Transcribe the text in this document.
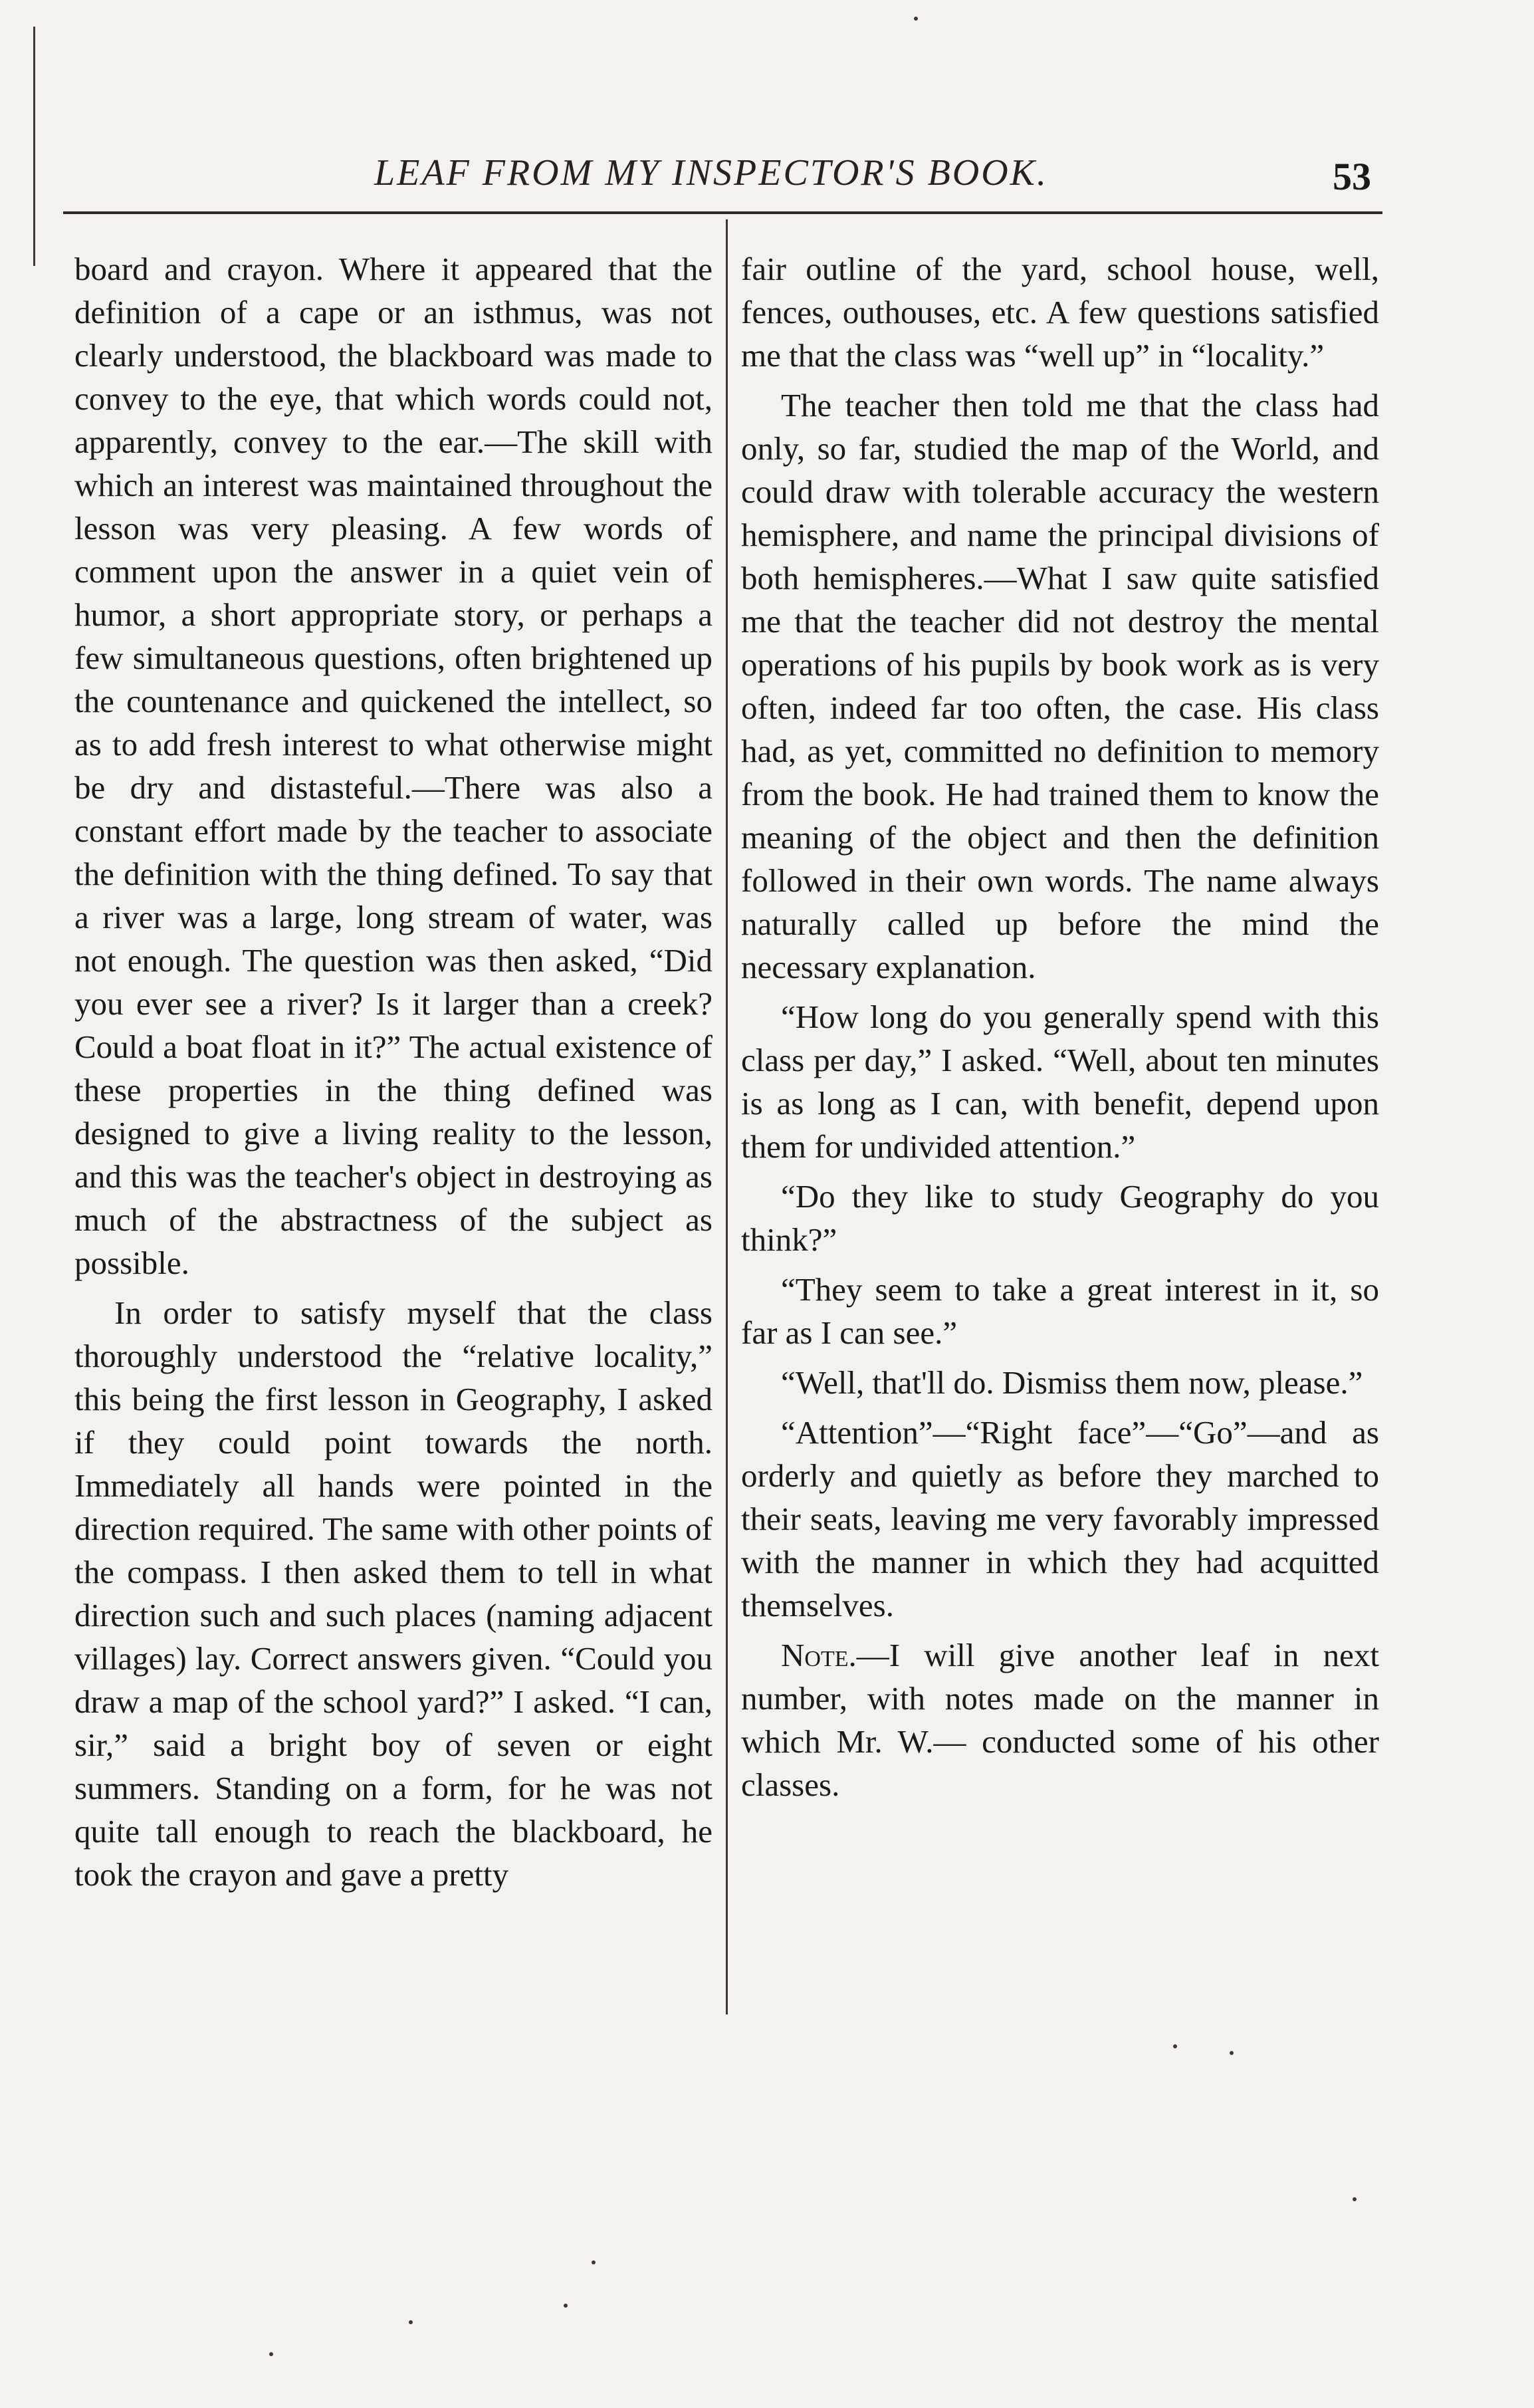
LEAF FROM MY INSPECTOR'S BOOK.	53

board and crayon. Where it appeared that the definition of a cape or an isthmus, was not clearly understood, the blackboard was made to convey to the eye, that which words could not, apparently, convey to the ear.—The skill with which an interest was maintained throughout the lesson was very pleasing. A few words of comment upon the answer in a quiet vein of humor, a short appropriate story, or perhaps a few simultaneous questions, often brightened up the countenance and quickened the intellect, so as to add fresh interest to what otherwise might be dry and distasteful.—There was also a constant effort made by the teacher to associate the definition with the thing defined. To say that a river was a large, long stream of water, was not enough. The question was then asked, “Did you ever see a river? Is it larger than a creek? Could a boat float in it?” The actual existence of these properties in the thing defined was designed to give a living reality to the lesson, and this was the teacher's object in destroying as much of the abstractness of the subject as possible.

In order to satisfy myself that the class thoroughly understood the “relative locality,” this being the first lesson in Geography, I asked if they could point towards the north. Immediately all hands were pointed in the direction required. The same with other points of the compass. I then asked them to tell in what direction such and such places (naming adjacent villages) lay. Correct answers given. “Could you draw a map of the school yard?” I asked. “I can, sir,” said a bright boy of seven or eight summers. Standing on a form, for he was not quite tall enough to reach the blackboard, he took the crayon and gave a pretty

fair outline of the yard, school house, well, fences, outhouses, etc. A few questions satisfied me that the class was “well up” in “locality.”

The teacher then told me that the class had only, so far, studied the map of the World, and could draw with tolerable accuracy the western hemisphere, and name the principal divisions of both hemispheres.—What I saw quite satisfied me that the teacher did not destroy the mental operations of his pupils by book work as is very often, indeed far too often, the case. His class had, as yet, committed no definition to memory from the book. He had trained them to know the meaning of the object and then the definition followed in their own words. The name always naturally called up before the mind the necessary explanation.

“How long do you generally spend with this class per day,” I asked. “Well, about ten minutes is as long as I can, with benefit, depend upon them for undivided attention.”

“Do they like to study Geography do you think?”

“They seem to take a great interest in it, so far as I can see.”

“Well, that'll do. Dismiss them now, please.”

“Attention”—“Right face”—“Go”—and as orderly and quietly as before they marched to their seats, leaving me very favorably impressed with the manner in which they had acquitted themselves.

Note.—I will give another leaf in next number, with notes made on the manner in which Mr. W.— conducted some of his other classes.
